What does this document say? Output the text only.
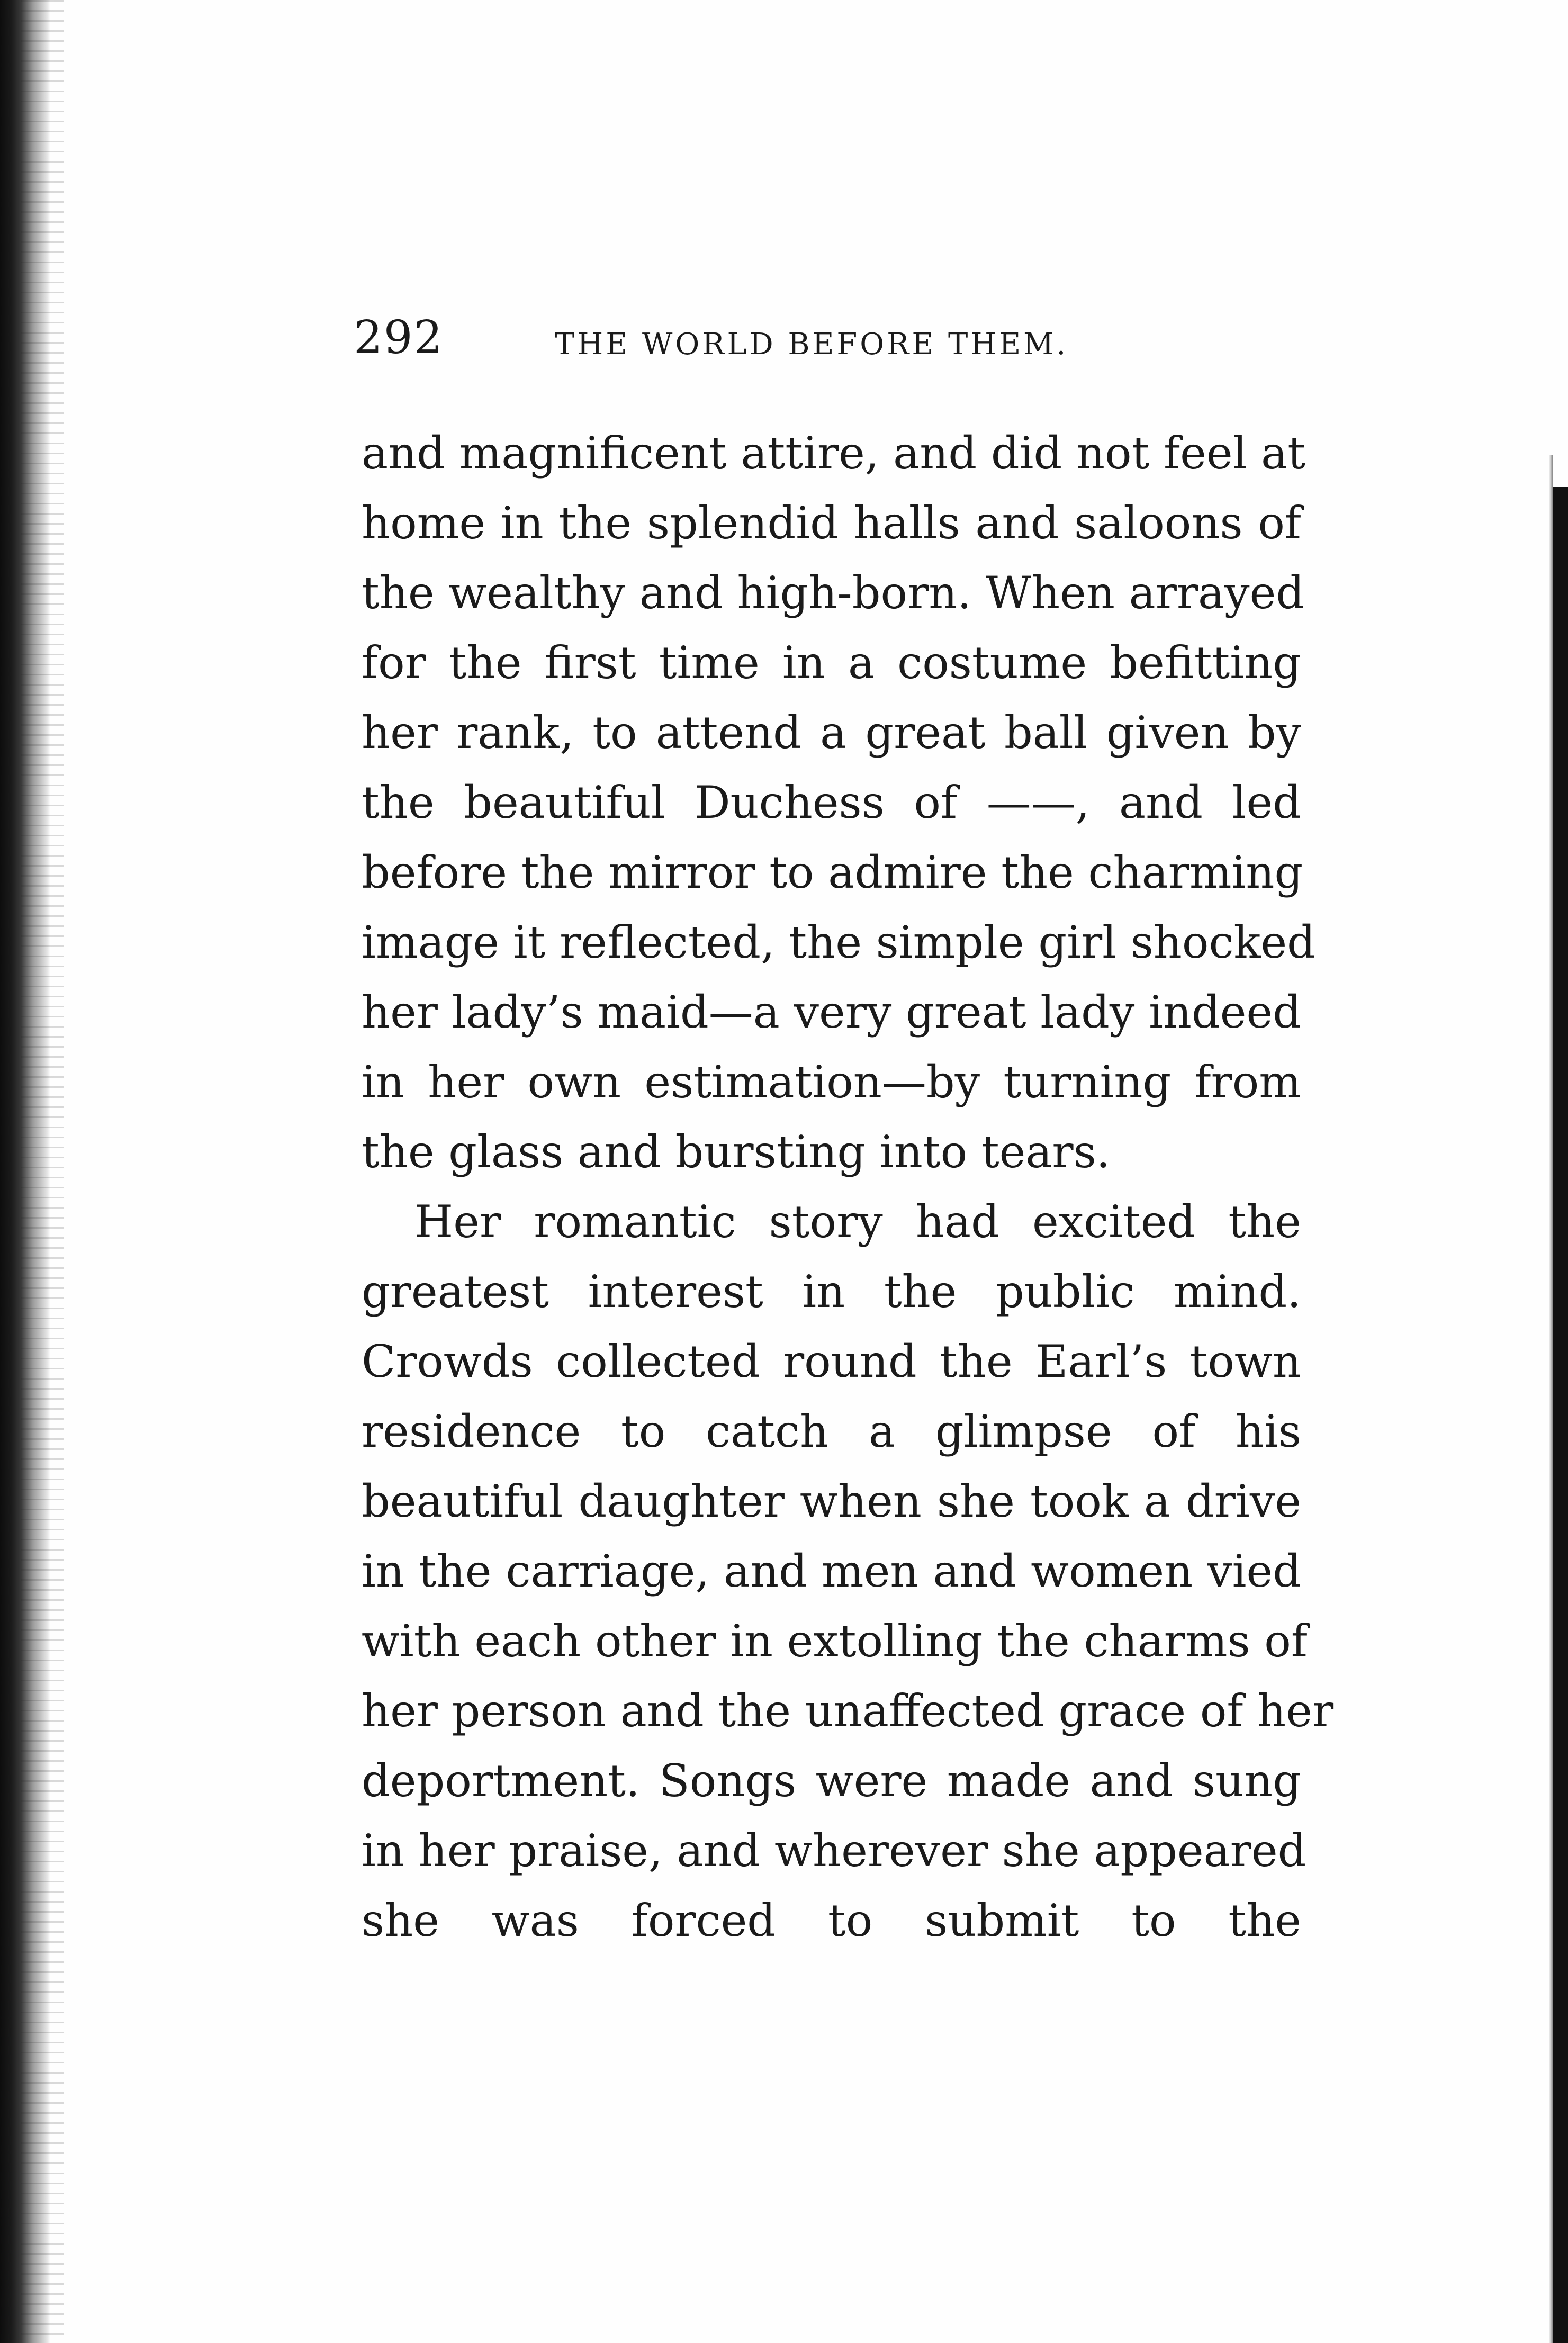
292	THE WORLD BEFORE THEM.
and magnificent attire, and did not feel at
home in the splendid halls and saloons of
the wealthy and high-born. When arrayed
for the first time in a costume befitting
her rank, to attend a great ball given by
the beautiful Duchess of ——, and led
before the mirror to admire the charming
image it reflected, the simple girl shocked
her lady’s maid—a very great lady indeed
in her own estimation—by turning from
the glass and bursting into tears.
Her romantic story had excited the
greatest interest in the public mind.
Crowds collected round the Earl’s town
residence to catch a glimpse of his
beautiful daughter when she took a drive
in the carriage, and men and women vied
with each other in extolling the charms of
her person and the unaffected grace of her
deportment. Songs were made and sung
in her praise, and wherever she appeared
she was forced to submit to the
